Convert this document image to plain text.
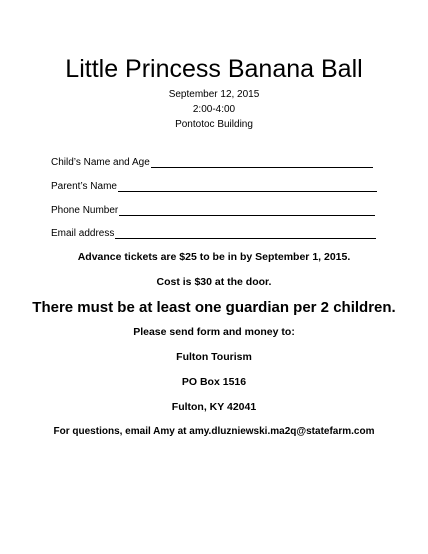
Little Princess Banana Ball
September 12, 2015
2:00-4:00
Pontotoc Building
Child’s Name and Age
Parent’s Name
Phone Number
Email address
Advance tickets are $25 to be in by September 1, 2015.
Cost is $30 at the door.
There must be at least one guardian per 2 children.
Please send form and money to:
Fulton Tourism
PO Box 1516
Fulton, KY 42041
For questions, email Amy at amy.dluzniewski.ma2q@statefarm.com
